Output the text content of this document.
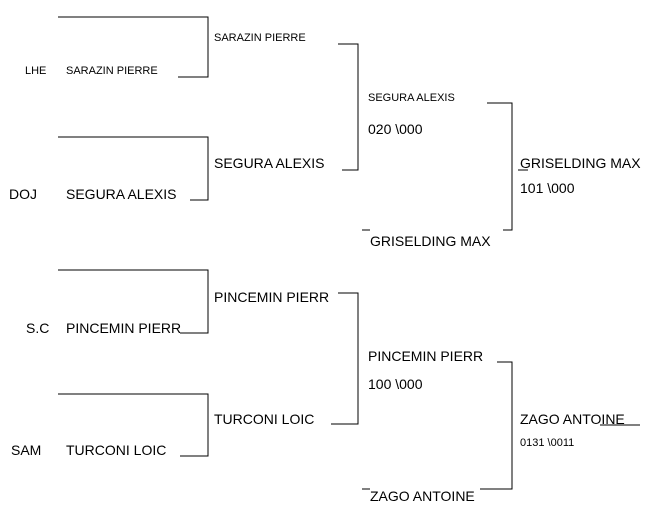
LHE SARAZIN PIERRE
SARAZIN PIERRE
DOJ SEGURA ALEXIS
SEGURA ALEXIS
SEGURA ALEXIS
020 \000
GRISELDING MAX
GRISELDING MAX
101 \000
S.C PINCEMIN PIERR
PINCEMIN PIERR
SAM TURCONI LOIC
TURCONI LOIC
PINCEMIN PIERR
100 \000
ZAGO ANTOINE
ZAGO ANTOINE
0131 \0011
